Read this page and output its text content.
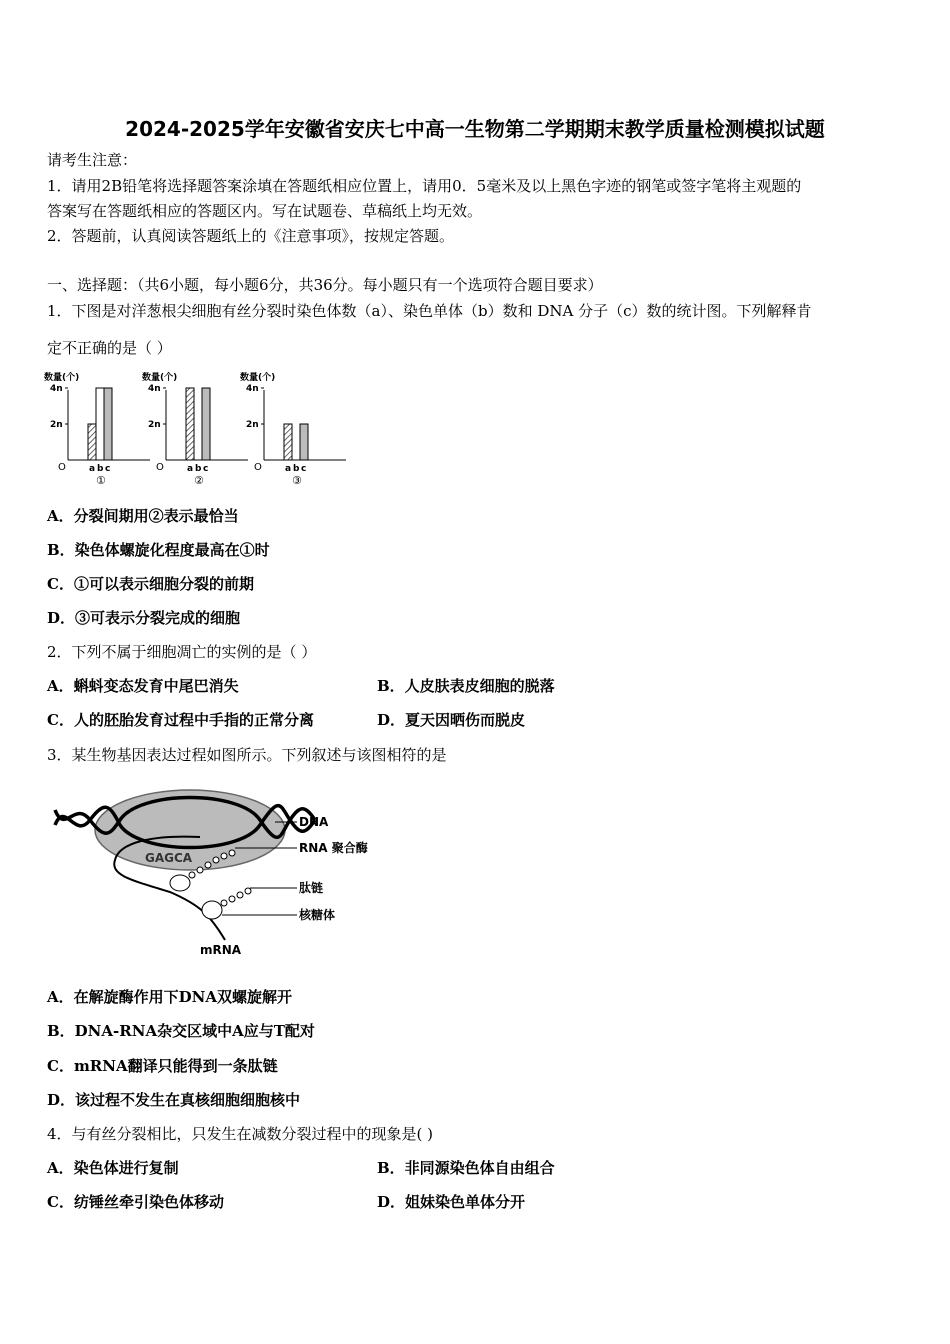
2024-2025学年安徽省安庆七中高一生物第二学期期末教学质量检测模拟试题
请考生注意：
1．请用2B铅笔将选择题答案涂填在答题纸相应位置上，请用0．5毫米及以上黑色字迹的钢笔或签字笔将主观题的
答案写在答题纸相应的答题区内。写在试题卷、草稿纸上均无效。
2．答题前，认真阅读答题纸上的《注意事项》，按规定答题。
一、选择题：（共6小题，每小题6分，共36分。每小题只有一个选项符合题目要求）
1．下图是对洋葱根尖细胞有丝分裂时染色体数（a）、染色单体（b）数和 DNA 分子（c）数的统计图。下列解释肯
定不正确的是（ ）
数量(个)
O
2n
4n
a b c
①
数量(个)
O
2n
4n
a b c
②
数量(个)
O
2n
4n
a b c
③
A．分裂间期用②表示最恰当
B．染色体螺旋化程度最高在①时
C．①可以表示细胞分裂的前期
D．③可表示分裂完成的细胞
2．下列不属于细胞凋亡的实例的是（ ）
A．蝌蚪变态发育中尾巴消失	B．人皮肤表皮细胞的脱落
C．人的胚胎发育过程中手指的正常分离	D．夏天因晒伤而脱皮
3．某生物基因表达过程如图所示。下列叙述与该图相符的是
GAGCA
DNA
RNA 聚合酶
肽链
核糖体
mRNA
A．在解旋酶作用下DNA双螺旋解开
B．DNA-RNA杂交区域中A应与T配对
C．mRNA翻译只能得到一条肽链
D．该过程不发生在真核细胞细胞核中
4．与有丝分裂相比，只发生在减数分裂过程中的现象是( )
A．染色体进行复制	B．非同源染色体自由组合
C．纺锤丝牵引染色体移动	D．姐妹染色单体分开
